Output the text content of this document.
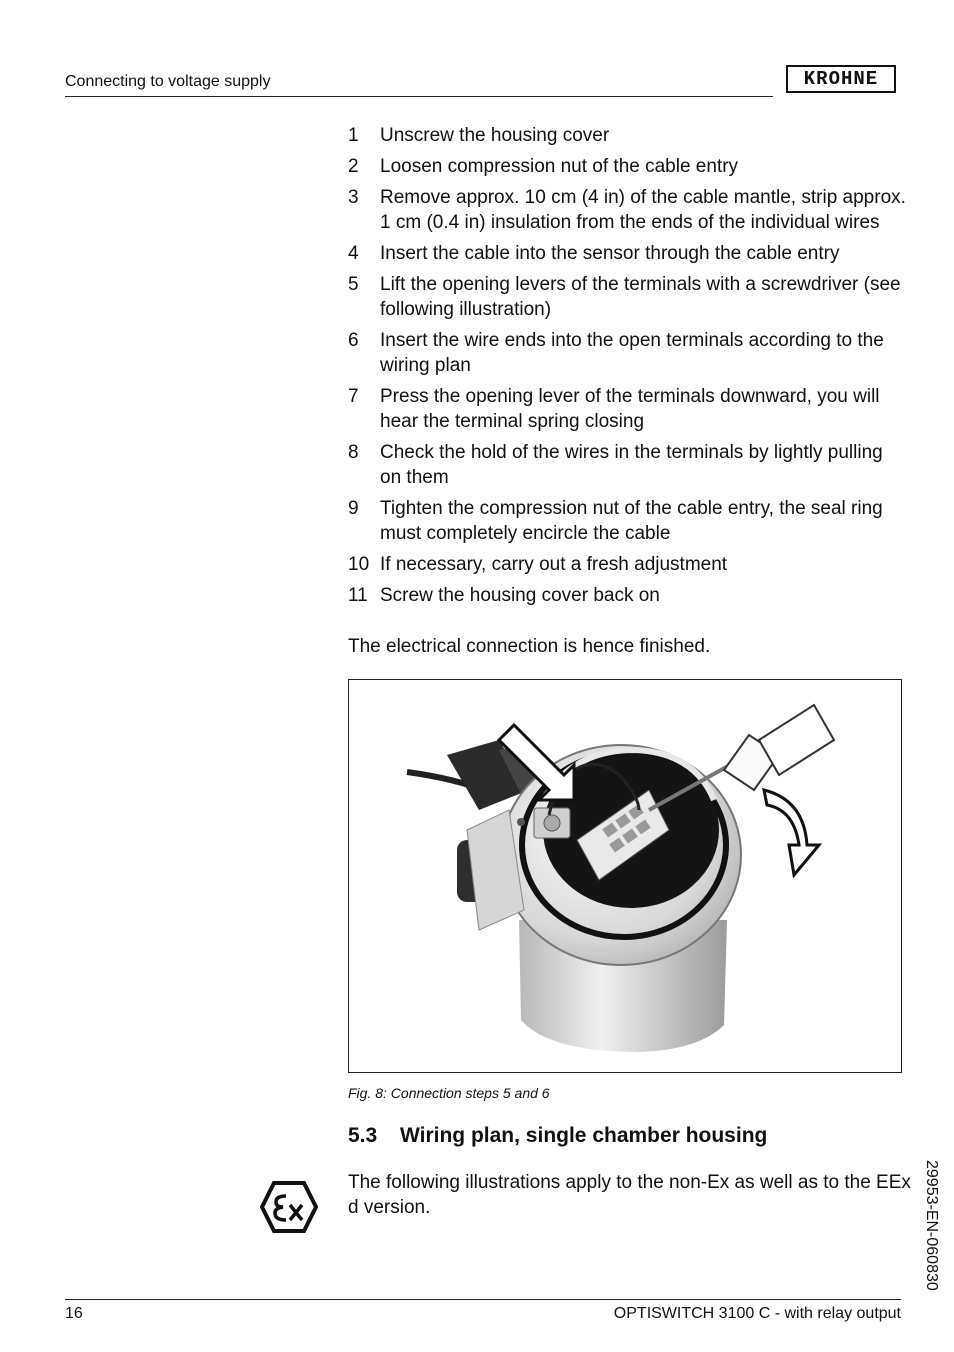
Connecting to voltage supply	KROHNE
1	Unscrew the housing cover
2	Loosen compression nut of the cable entry
3	Remove approx. 10 cm (4 in) of the cable mantle, strip approx. 1 cm (0.4 in) insulation from the ends of the individual wires
4	Insert the cable into the sensor through the cable entry
5	Lift the opening levers of the terminals with a screwdriver (see following illustration)
6	Insert the wire ends into the open terminals according to the wiring plan
7	Press the opening lever of the terminals downward, you will hear the terminal spring closing
8	Check the hold of the wires in the terminals by lightly pulling on them
9	Tighten the compression nut of the cable entry, the seal ring must completely encircle the cable
10 If necessary, carry out a fresh adjustment
11 Screw the housing cover back on
The electrical connection is hence finished.
Fig. 8: Connection steps 5 and 6
5.3 Wiring plan, single chamber housing
The following illustrations apply to the non-Ex as well as to the EEx d version.	29953-EN-060830
16	OPTISWITCH 3100 C - with relay output
